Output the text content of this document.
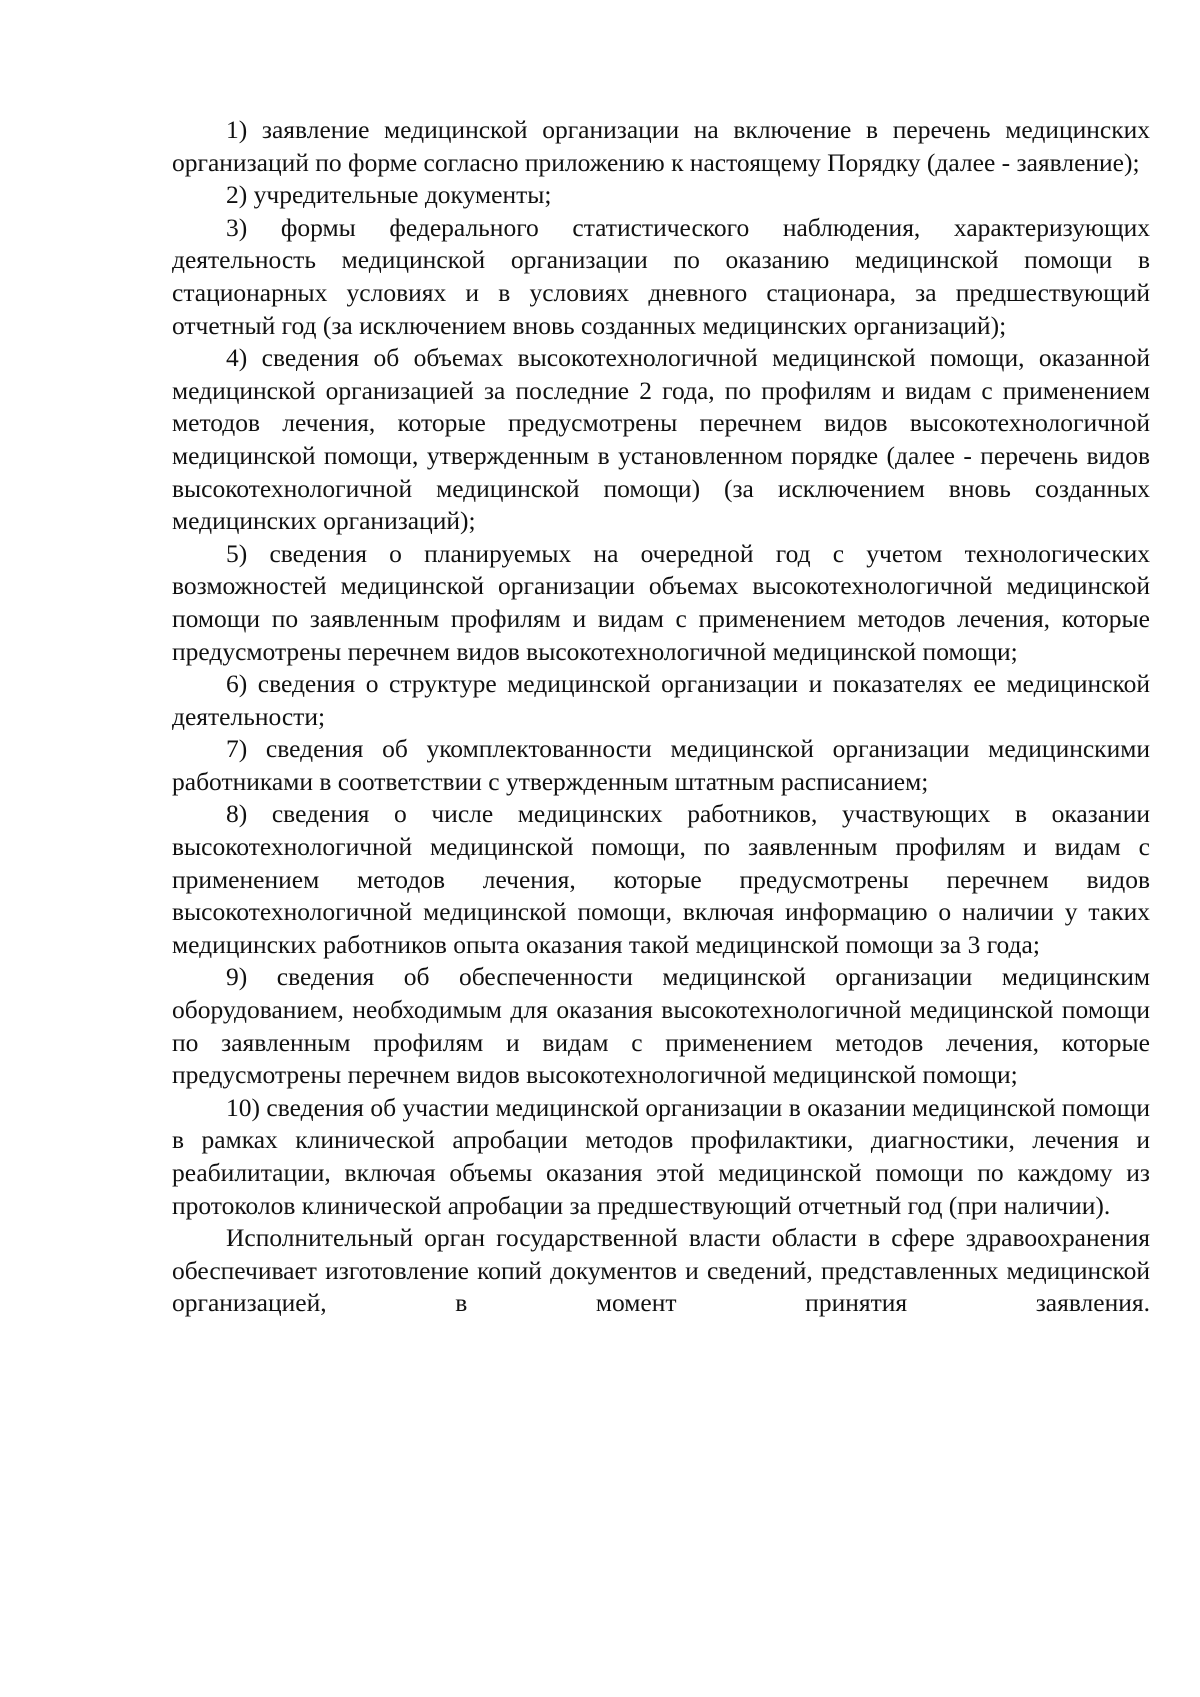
1) заявление медицинской организации на включение в перечень медицинских организаций по форме согласно приложению к настоящему Порядку (далее - заявление);

2) учредительные документы;

3) формы федерального статистического наблюдения, характеризующих деятельность медицинской организации по оказанию медицинской помощи в стационарных условиях и в условиях дневного стационара, за предшествующий отчетный год (за исключением вновь созданных медицинских организаций);

4) сведения об объемах высокотехнологичной медицинской помощи, оказанной медицинской организацией за последние 2 года, по профилям и видам с применением методов лечения, которые предусмотрены перечнем видов высокотехнологичной медицинской помощи, утвержденным в установленном порядке (далее - перечень видов высокотехнологичной медицинской помощи) (за исключением вновь созданных медицинских организаций);

5) сведения о планируемых на очередной год с учетом технологических возможностей медицинской организации объемах высокотехнологичной медицинской помощи по заявленным профилям и видам с применением методов лечения, которые предусмотрены перечнем видов высокотехнологичной медицинской помощи;

6) сведения о структуре медицинской организации и показателях ее медицинской деятельности;

7) сведения об укомплектованности медицинской организации медицинскими работниками в соответствии с утвержденным штатным расписанием;

8) сведения о числе медицинских работников, участвующих в оказании высокотехнологичной медицинской помощи, по заявленным профилям и видам с применением методов лечения, которые предусмотрены перечнем видов высокотехнологичной медицинской помощи, включая информацию о наличии у таких медицинских работников опыта оказания такой медицинской помощи за 3 года;

9) сведения об обеспеченности медицинской организации медицинским оборудованием, необходимым для оказания высокотехнологичной медицинской помощи по заявленным профилям и видам с применением методов лечения, которые предусмотрены перечнем видов высокотехнологичной медицинской помощи;

10) сведения об участии медицинской организации в оказании медицинской помощи в рамках клинической апробации методов профилактики, диагностики, лечения и реабилитации, включая объемы оказания этой медицинской помощи по каждому из протоколов клинической апробации за предшествующий отчетный год (при наличии).

Исполнительный орган государственной власти области в сфере здравоохранения обеспечивает изготовление копий документов и сведений, представленных медицинской организацией, в момент принятия заявления.
